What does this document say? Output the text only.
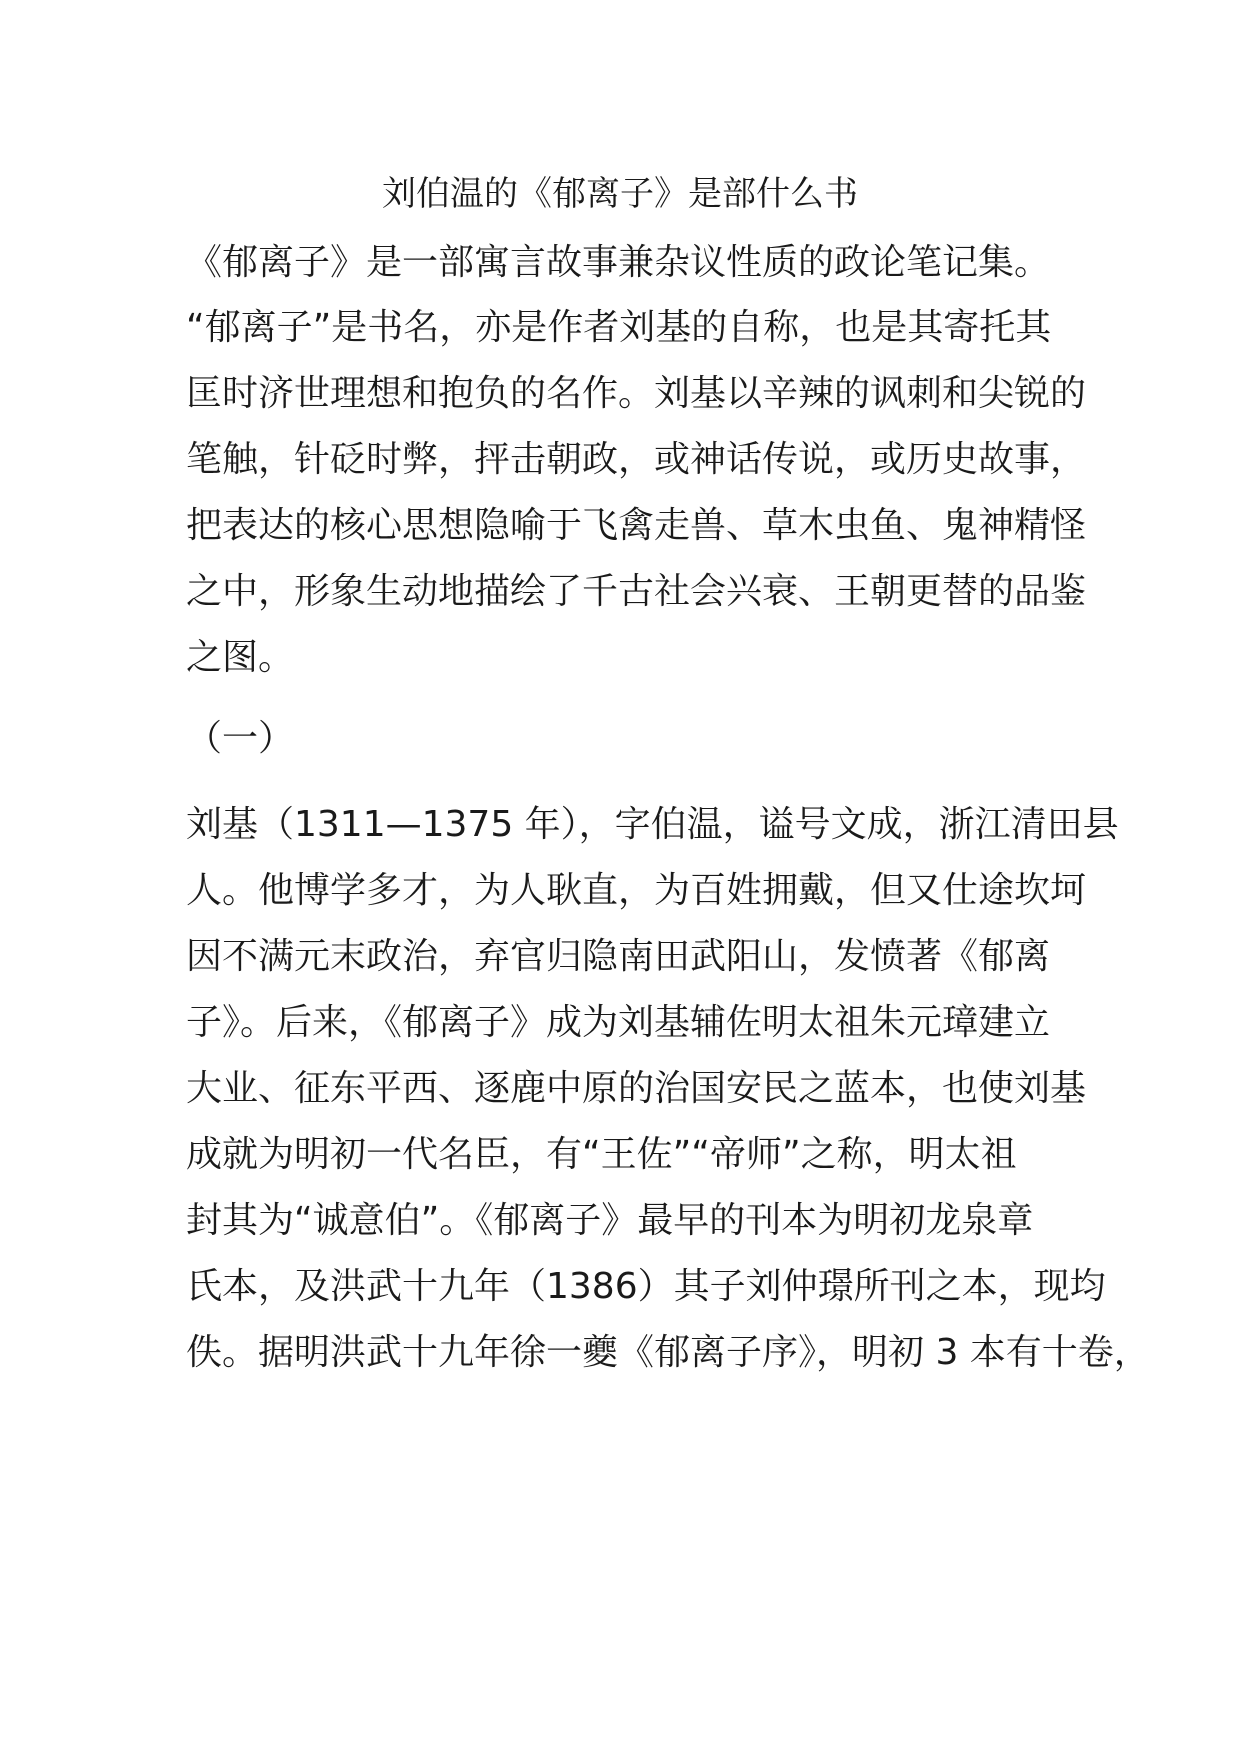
刘伯温的《郁离子》是部什么书
《郁离子》是一部寓言故事兼杂议性质的政论笔记集。
“郁离子”是书名，亦是作者刘基的自称，也是其寄托其
匡时济世理想和抱负的名作。刘基以辛辣的讽刺和尖锐的
笔触，针砭时弊，抨击朝政，或神话传说，或历史故事，
把表达的核心思想隐喻于飞禽走兽、草木虫鱼、鬼神精怪
之中，形象生动地描绘了千古社会兴衰、王朝更替的品鉴
之图。
（一）
刘基（1311—1375 年），字伯温，谥号文成，浙江清田县
人。他博学多才，为人耿直，为百姓拥戴，但又仕途坎坷
因不满元末政治，弃官归隐南田武阳山，发愤著《郁离
子》。后来，《郁离子》成为刘基辅佐明太祖朱元璋建立
大业、征东平西、逐鹿中原的治国安民之蓝本，也使刘基
成就为明初一代名臣，有“王佐”“帝师”之称，明太祖
封其为“诚意伯”。《郁离子》最早的刊本为明初龙泉章
氏本，及洪武十九年（1386）其子刘仲璟所刊之本，现均
佚。据明洪武十九年徐一夔《郁离子序》，明初 3 本有十卷，
